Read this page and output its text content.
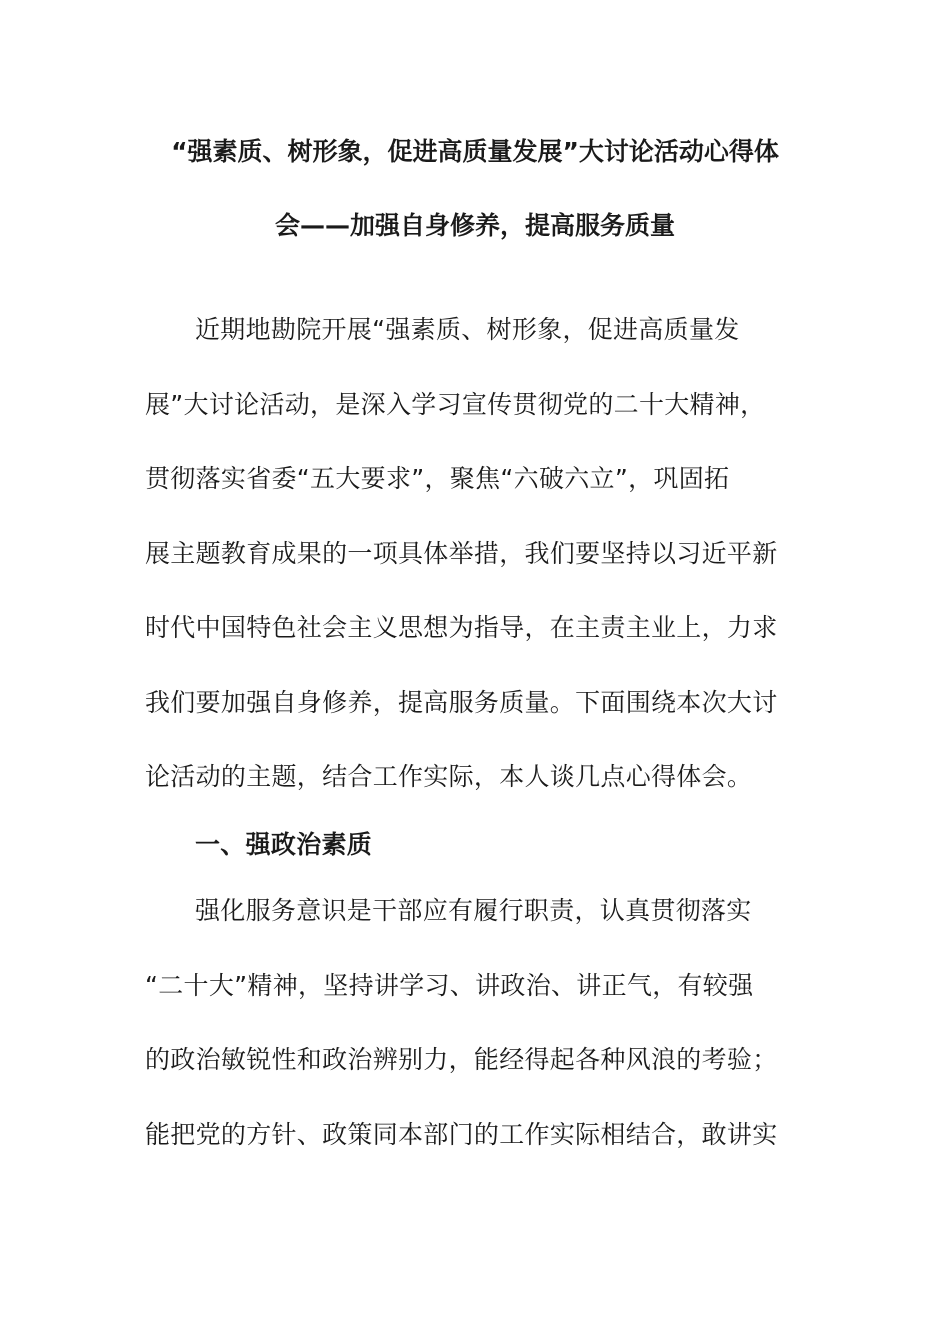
“强素质、树形象，促进高质量发展”大讨论活动心得体
会——加强自身修养，提高服务质量
近期地勘院开展“强素质、树形象，促进高质量发
展”大讨论活动，是深入学习宣传贯彻党的二十大精神，
贯彻落实省委“五大要求”，聚焦“六破六立”，巩固拓
展主题教育成果的一项具体举措，我们要坚持以习近平新
时代中国特色社会主义思想为指导，在主责主业上，力求
我们要加强自身修养，提高服务质量。下面围绕本次大讨
论活动的主题，结合工作实际，本人谈几点心得体会。
一、强政治素质
强化服务意识是干部应有履行职责，认真贯彻落实
“二十大”精神，坚持讲学习、讲政治、讲正气，有较强
的政治敏锐性和政治辨别力，能经得起各种风浪的考验；
能把党的方针、政策同本部门的工作实际相结合，敢讲实
